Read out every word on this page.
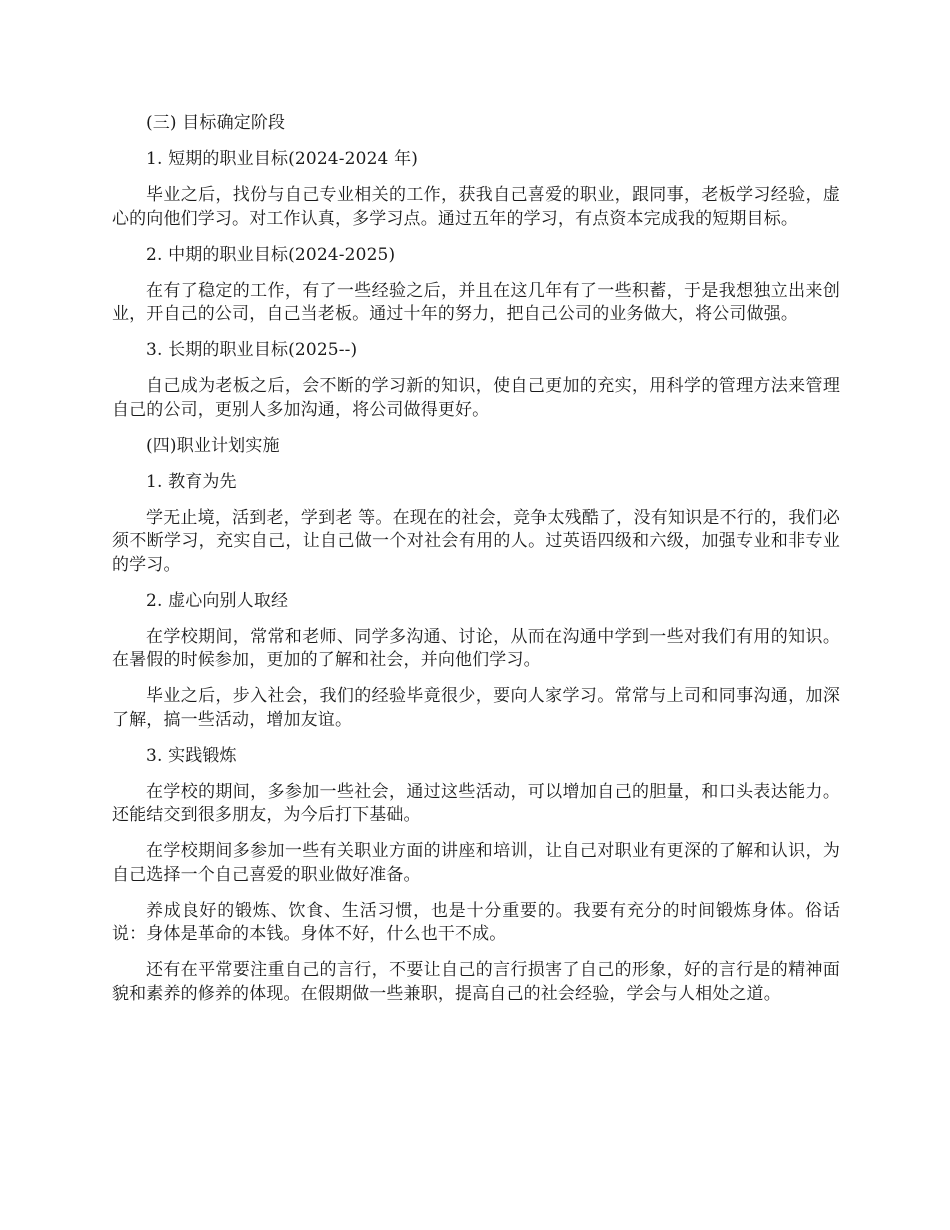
(三) 目标确定阶段

1. 短期的职业目标(2024-2024 年)

毕业之后，找份与自己专业相关的工作，获我自己喜爱的职业，跟同事，老板学习经验，虚心的向他们学习。对工作认真，多学习点。通过五年的学习，有点资本完成我的短期目标。

2. 中期的职业目标(2024-2025)

在有了稳定的工作，有了一些经验之后，并且在这几年有了一些积蓄，于是我想独立出来创业，开自己的公司，自己当老板。通过十年的努力，把自己公司的业务做大，将公司做强。

3. 长期的职业目标(2025--)

自己成为老板之后，会不断的学习新的知识，使自己更加的充实，用科学的管理方法来管理自己的公司，更别人多加沟通，将公司做得更好。

(四)职业计划实施

1. 教育为先

学无止境，活到老，学到老 等。在现在的社会，竞争太残酷了，没有知识是不行的，我们必须不断学习，充实自己，让自己做一个对社会有用的人。过英语四级和六级，加强专业和非专业的学习。

2. 虚心向别人取经

在学校期间，常常和老师、同学多沟通、讨论，从而在沟通中学到一些对我们有用的知识。在暑假的时候参加，更加的了解和社会，并向他们学习。

毕业之后，步入社会，我们的经验毕竟很少，要向人家学习。常常与上司和同事沟通，加深了解，搞一些活动，增加友谊。

3. 实践锻炼

在学校的期间，多参加一些社会，通过这些活动，可以增加自己的胆量，和口头表达能力。还能结交到很多朋友，为今后打下基础。

在学校期间多参加一些有关职业方面的讲座和培训，让自己对职业有更深的了解和认识，为自己选择一个自己喜爱的职业做好准备。

养成良好的锻炼、饮食、生活习惯，也是十分重要的。我要有充分的时间锻炼身体。俗话说：身体是革命的本钱。身体不好，什么也干不成。

还有在平常要注重自己的言行，不要让自己的言行损害了自己的形象，好的言行是的精神面貌和素养的修养的体现。在假期做一些兼职，提高自己的社会经验，学会与人相处之道。
